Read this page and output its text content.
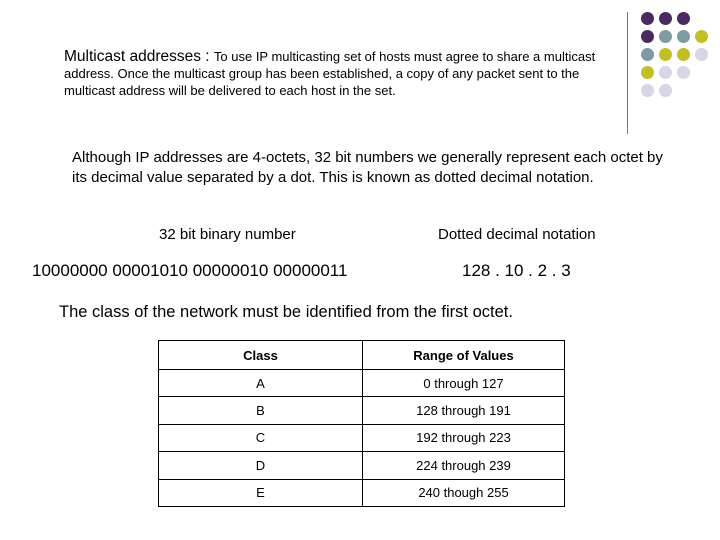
Multicast addresses : To use IP multicasting set of hosts must agree to share a multicast address. Once the multicast group has been established, a copy of any packet sent to the multicast address will be delivered to each host in the set.
Although IP addresses are 4-octets, 32 bit numbers we generally represent each octet by its decimal value separated by a dot. This is known as dotted decimal notation.
32 bit binary number
10000000 00001010 00000010 00000011
Dotted decimal notation
128 . 10 . 2 . 3
The class of the network must be identified from the first octet.
Class	Range of Values
A	0 through 127
B	128 through 191
C	192 through 223
D	224 through 239
E	240 though 255
